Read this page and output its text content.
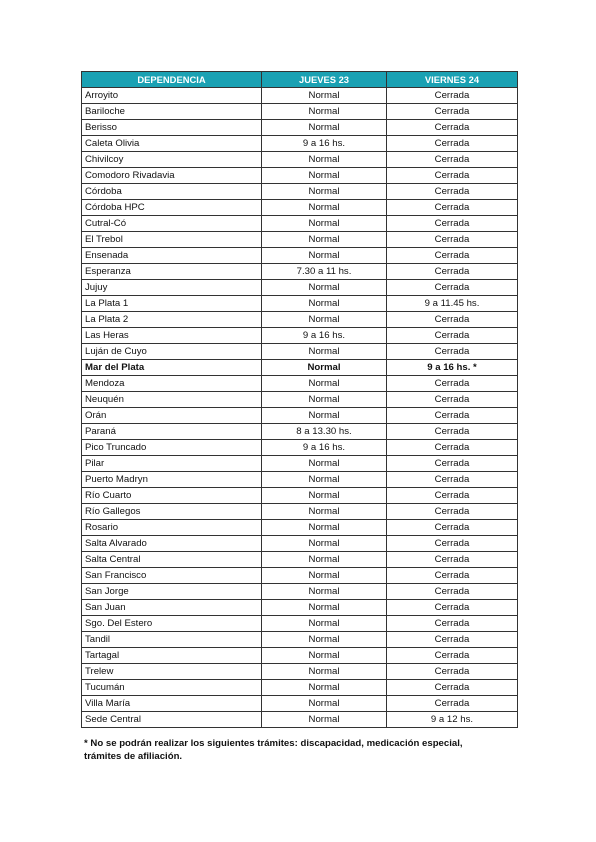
DEPENDENCIA	JUEVES 23	VIERNES 24
Arroyito	Normal	Cerrada
Bariloche	Normal	Cerrada
Berisso	Normal	Cerrada
Caleta Olivia	9 a 16 hs.	Cerrada
Chivilcoy	Normal	Cerrada
Comodoro Rivadavia	Normal	Cerrada
Córdoba	Normal	Cerrada
Córdoba HPC	Normal	Cerrada
Cutral-Có	Normal	Cerrada
El Trebol	Normal	Cerrada
Ensenada	Normal	Cerrada
Esperanza	7.30 a 11 hs.	Cerrada
Jujuy	Normal	Cerrada
La Plata 1	Normal	9 a 11.45 hs.
La Plata 2	Normal	Cerrada
Las Heras	9 a 16 hs.	Cerrada
Luján de Cuyo	Normal	Cerrada
Mar del Plata	Normal	9 a 16 hs. *
Mendoza	Normal	Cerrada
Neuquén	Normal	Cerrada
Orán	Normal	Cerrada
Paraná	8 a 13.30 hs.	Cerrada
Pico Truncado	9 a 16 hs.	Cerrada
Pilar	Normal	Cerrada
Puerto Madryn	Normal	Cerrada
Río Cuarto	Normal	Cerrada
Río Gallegos	Normal	Cerrada
Rosario	Normal	Cerrada
Salta Alvarado	Normal	Cerrada
Salta Central	Normal	Cerrada
San Francisco	Normal	Cerrada
San Jorge	Normal	Cerrada
San Juan	Normal	Cerrada
Sgo. Del Estero	Normal	Cerrada
Tandil	Normal	Cerrada
Tartagal	Normal	Cerrada
Trelew	Normal	Cerrada
Tucumán	Normal	Cerrada
Villa María	Normal	Cerrada
Sede Central	Normal	9 a 12 hs.
* No se podrán realizar los siguientes trámites: discapacidad, medicación especial,
trámites de afiliación.
